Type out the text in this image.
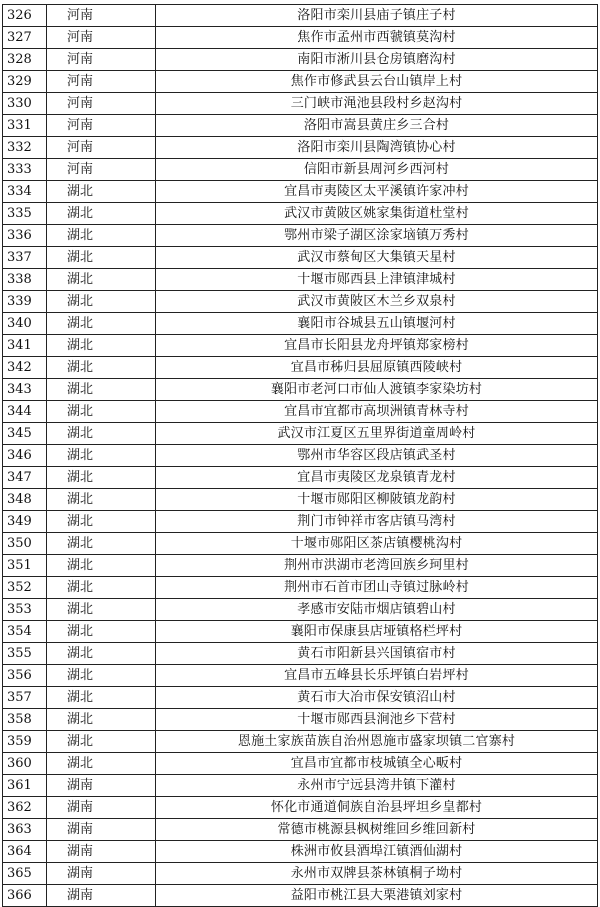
326	河南	洛阳市栾川县庙子镇庄子村
327	河南	焦作市孟州市西虢镇莫沟村
328	河南	南阳市淅川县仓房镇磨沟村
329	河南	焦作市修武县云台山镇岸上村
330	河南	三门峡市渑池县段村乡赵沟村
331	河南	洛阳市嵩县黄庄乡三合村
332	河南	洛阳市栾川县陶湾镇协心村
333	河南	信阳市新县周河乡西河村
334	湖北	宜昌市夷陵区太平溪镇许家冲村
335	湖北	武汉市黄陂区姚家集街道杜堂村
336	湖北	鄂州市梁子湖区涂家垴镇万秀村
337	湖北	武汉市蔡甸区大集镇天星村
338	湖北	十堰市郧西县上津镇津城村
339	湖北	武汉市黄陂区木兰乡双泉村
340	湖北	襄阳市谷城县五山镇堰河村
341	湖北	宜昌市长阳县龙舟坪镇郑家榜村
342	湖北	宜昌市秭归县屈原镇西陵峡村
343	湖北	襄阳市老河口市仙人渡镇李家染坊村
344	湖北	宜昌市宜都市高坝洲镇青林寺村
345	湖北	武汉市江夏区五里界街道童周岭村
346	湖北	鄂州市华容区段店镇武圣村
347	湖北	宜昌市夷陵区龙泉镇青龙村
348	湖北	十堰市郧阳区柳陂镇龙韵村
349	湖北	荆门市钟祥市客店镇马湾村
350	湖北	十堰市郧阳区茶店镇樱桃沟村
351	湖北	荆州市洪湖市老湾回族乡珂里村
352	湖北	荆州市石首市团山寺镇过脉岭村
353	湖北	孝感市安陆市烟店镇碧山村
354	湖北	襄阳市保康县店垭镇格栏坪村
355	湖北	黄石市阳新县兴国镇宿市村
356	湖北	宜昌市五峰县长乐坪镇白岩坪村
357	湖北	黄石市大冶市保安镇沼山村
358	湖北	十堰市郧西县涧池乡下营村
359	湖北	恩施土家族苗族自治州恩施市盛家坝镇二官寨村
360	湖北	宜昌市宜都市枝城镇全心畈村
361	湖南	永州市宁远县湾井镇下灌村
362	湖南	怀化市通道侗族自治县坪坦乡皇都村
363	湖南	常德市桃源县枫树维回乡维回新村
364	湖南	株洲市攸县酒埠江镇酒仙湖村
365	湖南	永州市双牌县茶林镇桐子坳村
366	湖南	益阳市桃江县大栗港镇刘家村
